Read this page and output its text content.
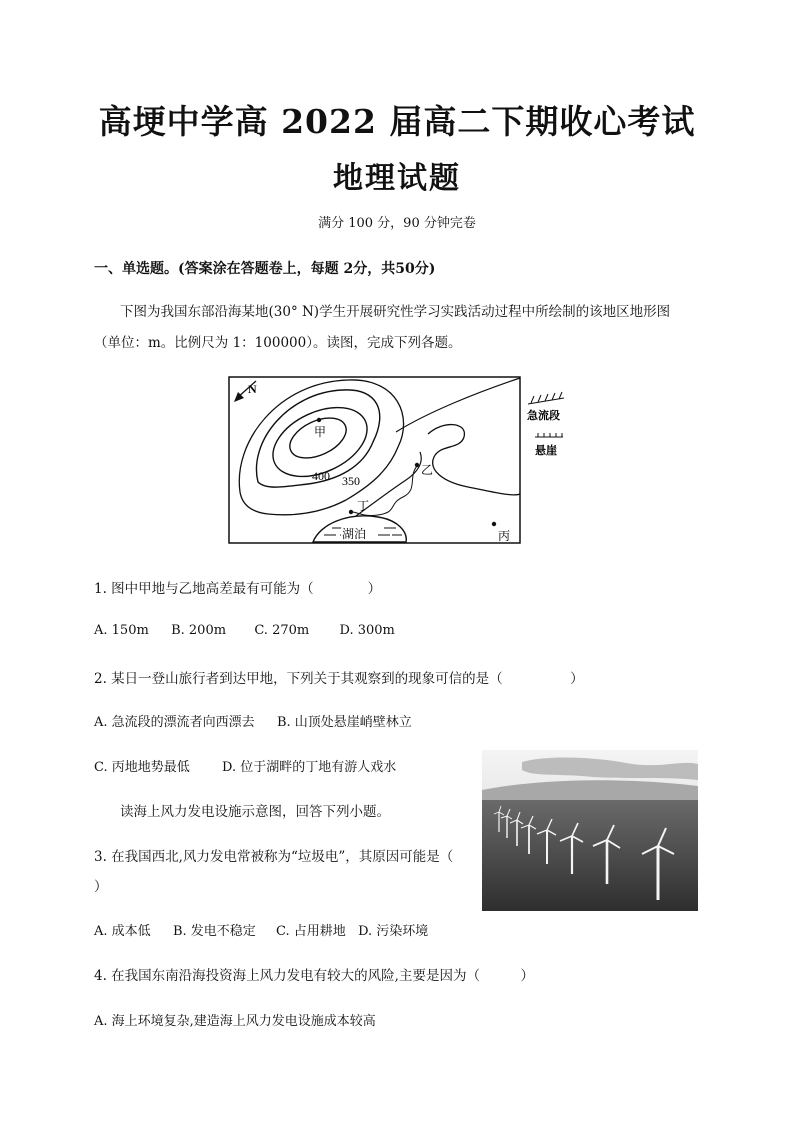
高埂中学高 2022 届高二下期收心考试
地理试题
满分 100 分，90 分钟完卷
一、单选题。(答案涂在答题卷上，每题 2分，共50分)
下图为我国东部沿海某地(30° N)学生开展研究性学习实践活动过程中所绘制的该地区地形图
（单位：m。比例尺为 1：100000）。读图，完成下列各题。
N
甲
乙
丁
丙
湖泊
400 350
急流段
悬崖
1. 图中甲地与乙地高差最有可能为（　　　　）
A. 150m B. 200m C. 270m D. 300m
2. 某日一登山旅行者到达甲地，下列关于其观察到的现象可信的是（　　　　　）
A. 急流段的漂流者向西漂去 B. 山顶处悬崖峭壁林立
C. 丙地地势最低 D. 位于湖畔的丁地有游人戏水
读海上风力发电设施示意图，回答下列小题。
3. 在我国西北,风力发电常被称为“垃圾电”，其原因可能是（
）
A. 成本低 B. 发电不稳定 C. 占用耕地 D. 污染环境
4. 在我国东南沿海投资海上风力发电有较大的风险,主要是因为（　　　）
A. 海上环境复杂,建造海上风力发电设施成本较高
